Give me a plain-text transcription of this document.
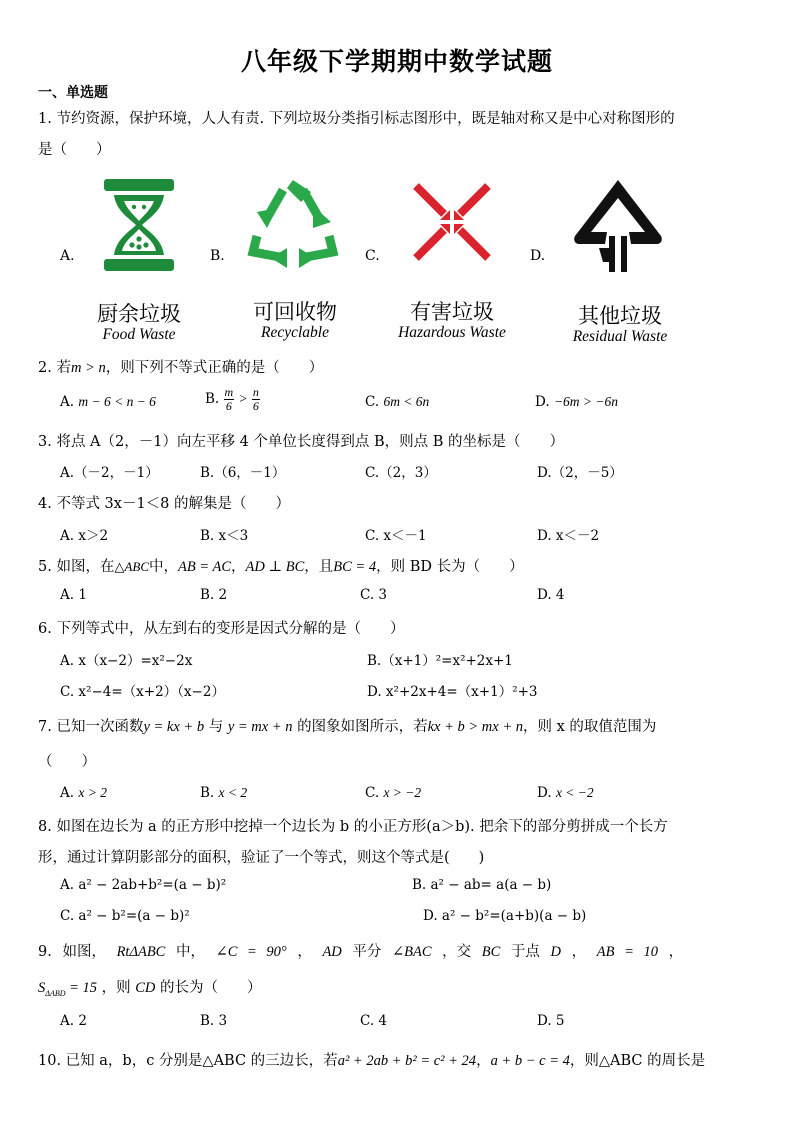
八年级下学期期中数学试题
一、单选题
1. 节约资源，保护环境，人人有责. 下列垃圾分类指引标志图形中，既是轴对称又是中心对称图形的
是（　　）
A.	B.	C.	D.
厨余垃圾	可回收物	有害垃圾	其他垃圾
Food Waste	Recyclable	Hazardous Waste	Residual Waste
2. 若m > n，则下列不等式正确的是（　　）
A. m − 6 < n − 6	B. $\frac{m}{6} > \frac{n}{6}$	C. 6m < 6n	D. −6m > −6n
3. 将点 A（2，－1）向左平移 4 个单位长度得到点 B，则点 B 的坐标是（　　）
A.（－2，－1）	B.（6，－1）	C.（2，3）	D.（2，－5）
4. 不等式 3x－1＜8 的解集是（　　）
A. x＞2	B. x＜3	C. x＜－1	D. x＜－2
5. 如图，在△ABC中，AB = AC，AD ⊥ BC，且BC = 4，则 BD 长为（　　）
A. 1	B. 2	C. 3	D. 4
6. 下列等式中，从左到右的变形是因式分解的是（　　）
A. x（x−2）=x²−2x	B.（x+1）²=x²+2x+1
C. x²−4=（x+2）（x−2）	D. x²+2x+4=（x+1）²+3
7. 已知一次函数y = kx + b 与 y = mx + n 的图象如图所示，若kx + b > mx + n，则 x 的取值范围为
（　　）
A. x > 2	B. x < 2	C. x > −2	D. x < −2
8. 如图在边长为 a 的正方形中挖掉一个边长为 b 的小正方形(a＞b). 把余下的部分剪拼成一个长方
形，通过计算阴影部分的面积，验证了一个等式，则这个等式是(　　)
A. a² − 2ab+b²=(a − b)²	B. a² − ab= a(a − b)
C. a² − b²=(a − b)²	D. a² − b²=(a+b)(a − b)
9. 如图， RtΔABC 中， ∠C = 90° ， AD 平分 ∠BAC ，交 BC 于点 D ， AB = 10 ，
$S_{\Delta ABD} = 15$ ，则 CD 的长为（　　）
A. 2	B. 3	C. 4	D. 5
10. 已知 a，b，c 分别是△ABC 的三边长，若a² + 2ab + b² = c² + 24，a + b − c = 4，则△ABC 的周长是
